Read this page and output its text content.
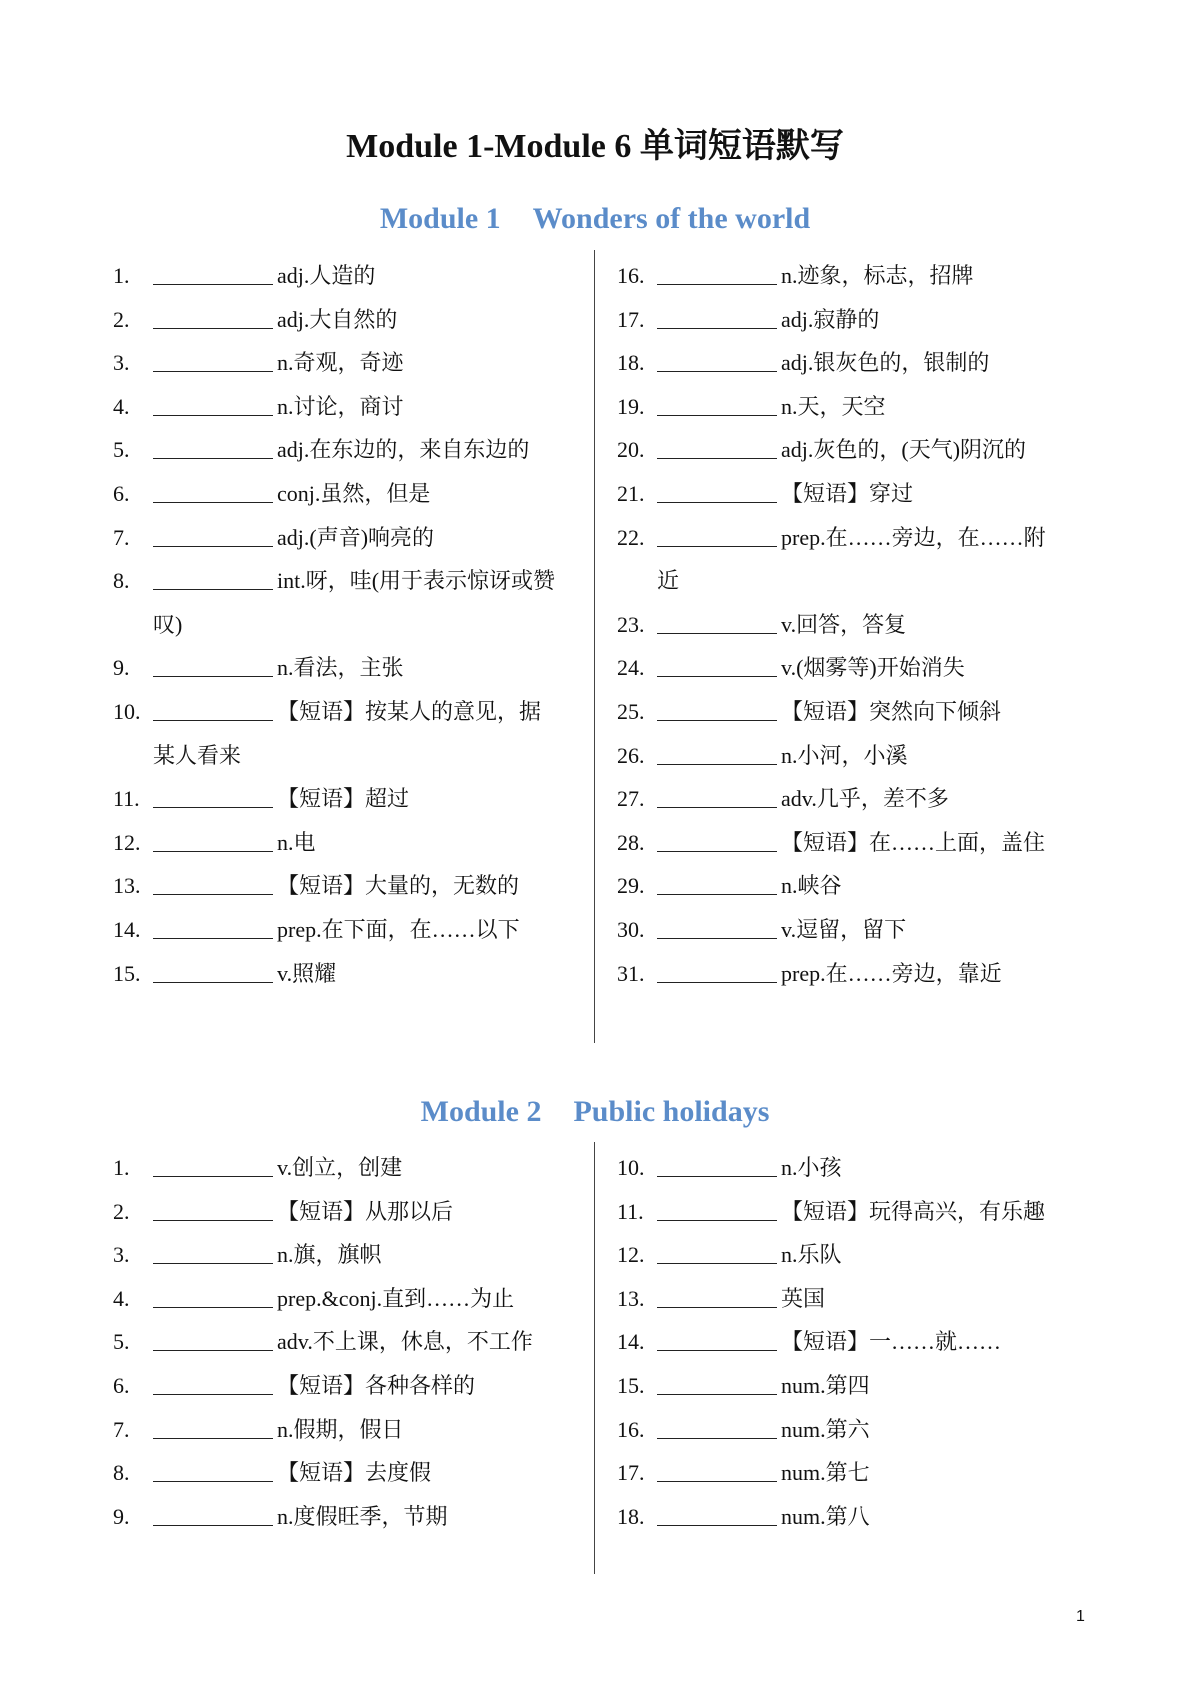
Module 1-Module 6 单词短语默写
Module 1 Wonders of the world
1.	adj.人造的
2.	adj.大自然的
3.	n.奇观，奇迹
4.	n.讨论，商讨
5.	adj.在东边的，来自东边的
6.	conj.虽然，但是
7.	adj.(声音)响亮的
8.	int.呀，哇(用于表示惊讶或赞
叹)
9.	n.看法，主张
10.	【短语】按某人的意见，据
某人看来
11.	【短语】超过
12.	n.电
13.	【短语】大量的，无数的
14.	prep.在下面，在……以下
15.	v.照耀
16.	n.迹象，标志，招牌
17.	adj.寂静的
18.	adj.银灰色的，银制的
19.	n.天，天空
20.	adj.灰色的，(天气)阴沉的
21.	【短语】穿过
22.	prep.在……旁边，在……附
近
23.	v.回答，答复
24.	v.(烟雾等)开始消失
25.	【短语】突然向下倾斜
26.	n.小河，小溪
27.	adv.几乎，差不多
28.	【短语】在……上面，盖住
29.	n.峡谷
30.	v.逗留，留下
31.	prep.在……旁边，靠近
Module 2 Public holidays
1.	v.创立，创建
2.	【短语】从那以后
3.	n.旗，旗帜
4.	prep.&conj.直到……为止
5.	adv.不上课，休息，不工作
6.	【短语】各种各样的
7.	n.假期，假日
8.	【短语】去度假
9.	n.度假旺季，节期
10.	n.小孩
11.	【短语】玩得高兴，有乐趣
12.	n.乐队
13.	英国
14.	【短语】一……就……
15.	num.第四
16.	num.第六
17.	num.第七
18.	num.第八
1
